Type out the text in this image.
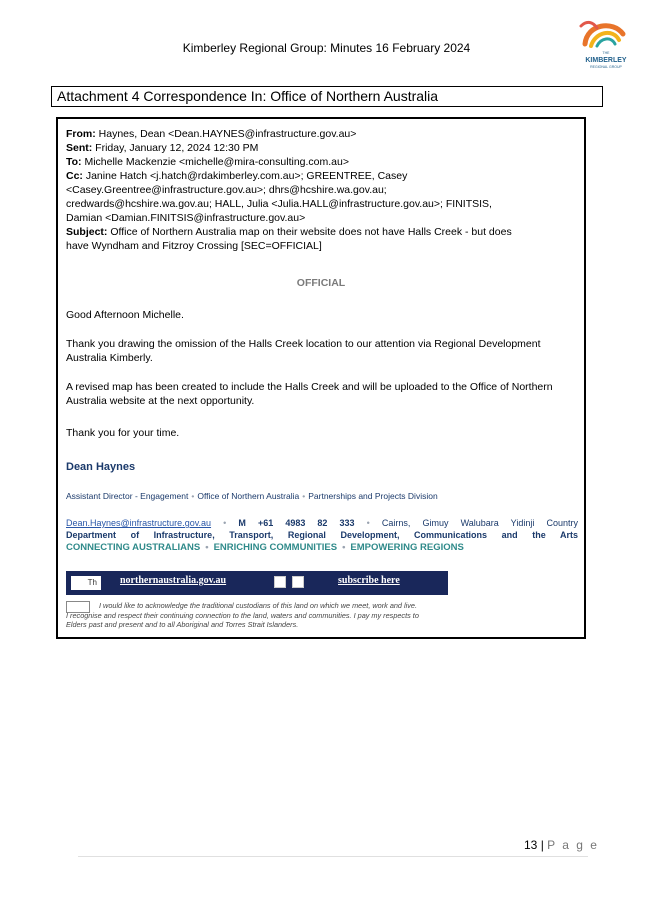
Kimberley Regional Group: Minutes 16 February 2024	THE
KIMBERLEY
REGIONAL GROUP
Attachment 4 Correspondence In: Office of Northern Australia
From: Haynes, Dean <Dean.HAYNES@infrastructure.gov.au>
Sent: Friday, January 12, 2024 12:30 PM
To: Michelle Mackenzie <michelle@mira-consulting.com.au>
Cc: Janine Hatch <j.hatch@rdakimberley.com.au>; GREENTREE, Casey
<Casey.Greentree@infrastructure.gov.au>; dhrs@hcshire.wa.gov.au;
credwards@hcshire.wa.gov.au; HALL, Julia <Julia.HALL@infrastructure.gov.au>; FINITSIS,
Damian <Damian.FINITSIS@infrastructure.gov.au>
Subject: Office of Northern Australia map on their website does not have Halls Creek - but does
have Wyndham and Fitzroy Crossing [SEC=OFFICIAL]
OFFICIAL
Good Afternoon Michelle.
Thank you drawing the omission of the Halls Creek location to our attention via Regional Development Australia Kimberly.
A revised map has been created to include the Halls Creek and will be uploaded to the Office of Northern Australia website at the next opportunity.
Thank you for your time.
Dean Haynes
Assistant Director - Engagement • Office of Northern Australia • Partnerships and Projects Division
Dean.Haynes@infrastructure.gov.au • M +61 4983 82 333 • Cairns, Gimuy Walubara Yidinji Country
Department of Infrastructure, Transport, Regional Development, Communications and the Arts
CONNECTING AUSTRALIANS • ENRICHING COMMUNITIES • EMPOWERING REGIONS
Th	northernaustralia.gov.au	subscribe here
I would like to acknowledge the traditional custodians of this land on which we meet, work and live.
I recognise and respect their continuing connection to the land, waters and communities. I pay my respects to
Elders past and present and to all Aboriginal and Torres Strait Islanders.
13 | P a g e
